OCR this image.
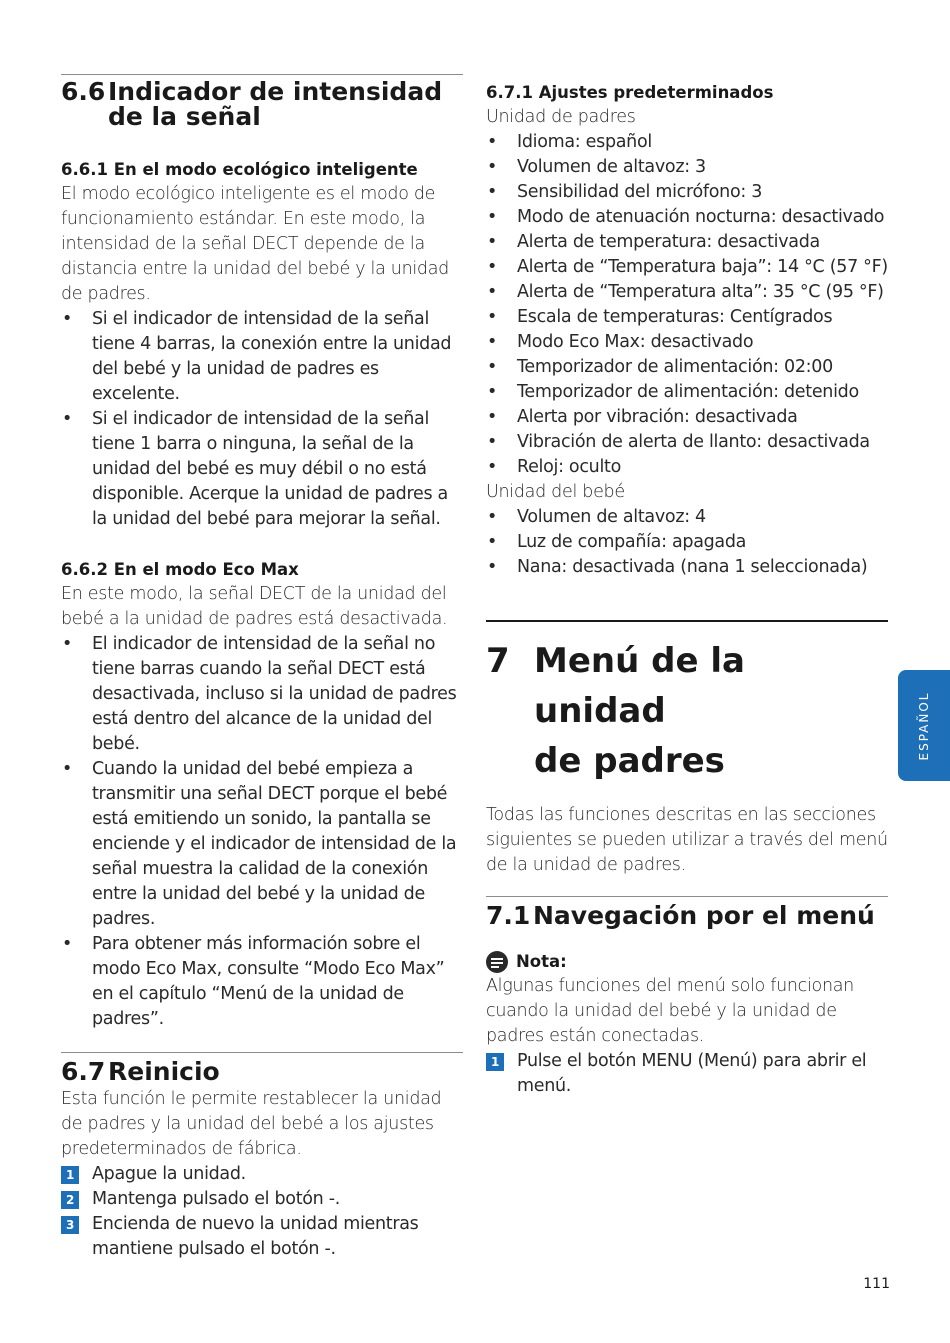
6.6 Indicador de intensidad de la señal
6.6.1 En el modo ecológico inteligente

El modo ecológico inteligente es el modo de funcionamiento estándar. En este modo, la intensidad de la señal DECT depende de la distancia entre la unidad del bebé y la unidad de padres.

• Si el indicador de intensidad de la señal tiene 4 barras, la conexión entre la unidad del bebé y la unidad de padres es excelente.
• Si el indicador de intensidad de la señal tiene 1 barra o ninguna, la señal de la unidad del bebé es muy débil o no está disponible. Acerque la unidad de padres a la unidad del bebé para mejorar la señal.
6.6.2 En el modo Eco Max

En este modo, la señal DECT de la unidad del bebé a la unidad de padres está desactivada.

• El indicador de intensidad de la señal no tiene barras cuando la señal DECT está desactivada, incluso si la unidad de padres está dentro del alcance de la unidad del bebé.
• Cuando la unidad del bebé empieza a transmitir una señal DECT porque el bebé está emitiendo un sonido, la pantalla se enciende y el indicador de intensidad de la señal muestra la calidad de la conexión entre la unidad del bebé y la unidad de padres.
• Para obtener más información sobre el modo Eco Max, consulte “Modo Eco Max” en el capítulo “Menú de la unidad de padres”.
6.7 Reinicio

Esta función le permite restablecer la unidad de padres y la unidad del bebé a los ajustes predeterminados de fábrica.

1 Apague la unidad.
2 Mantenga pulsado el botón -.
3 Encienda de nuevo la unidad mientras mantiene pulsado el botón -.
6.7.1 Ajustes predeterminados

Unidad de padres

• Idioma: español
• Volumen de altavoz: 3
• Sensibilidad del micrófono: 3
• Modo de atenuación nocturna: desactivado
• Alerta de temperatura: desactivada
• Alerta de “Temperatura baja”: 14 °C (57 °F)
• Alerta de “Temperatura alta”: 35 °C (95 °F)
• Escala de temperaturas: Centígrados
• Modo Eco Max: desactivado
• Temporizador de alimentación: 02:00
• Temporizador de alimentación: detenido
• Alerta por vibración: desactivada
• Vibración de alerta de llanto: desactivada
• Reloj: oculto

Unidad del bebé

• Volumen de altavoz: 4
• Luz de compañía: apagada
• Nana: desactivada (nana 1 seleccionada)
7 Menú de la unidad
de padres

Todas las funciones descritas en las secciones siguientes se pueden utilizar a través del menú de la unidad de padres.

7.1 Navegación por el menú
Nota:

Algunas funciones del menú solo funcionan cuando la unidad del bebé y la unidad de padres están conectadas.

1 Pulse el botón MENU (Menú) para abrir el menú.
ESPAÑOL
111
